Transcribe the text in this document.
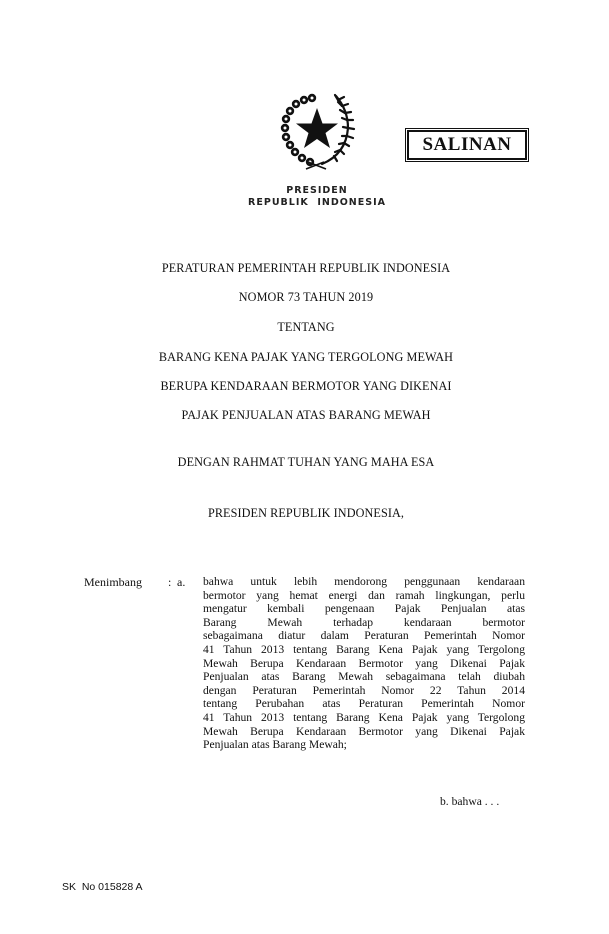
SALINAN
PRESIDEN
REPUBLIK  INDONESIA
PERATURAN PEMERINTAH REPUBLIK INDONESIA
NOMOR 73 TAHUN 2019
TENTANG
BARANG KENA PAJAK YANG TERGOLONG MEWAH
BERUPA KENDARAAN BERMOTOR YANG DIKENAI
PAJAK PENJUALAN ATAS BARANG MEWAH
DENGAN RAHMAT TUHAN YANG MAHA ESA
PRESIDEN REPUBLIK INDONESIA,
Menimbang : a. bahwa untuk lebih mendorong penggunaan kendaraan
bermotor yang hemat energi dan ramah lingkungan, perlu
mengatur kembali pengenaan Pajak Penjualan atas
Barang Mewah terhadap kendaraan bermotor
sebagaimana diatur dalam Peraturan Pemerintah Nomor
41 Tahun 2013 tentang Barang Kena Pajak yang Tergolong
Mewah Berupa Kendaraan Bermotor yang Dikenai Pajak
Penjualan atas Barang Mewah sebagaimana telah diubah
dengan Peraturan Pemerintah Nomor 22 Tahun 2014
tentang Perubahan atas Peraturan Pemerintah Nomor
41 Tahun 2013 tentang Barang Kena Pajak yang Tergolong
Mewah Berupa Kendaraan Bermotor yang Dikenai Pajak
Penjualan atas Barang Mewah;
b. bahwa . . .
SK  No 015828 A
